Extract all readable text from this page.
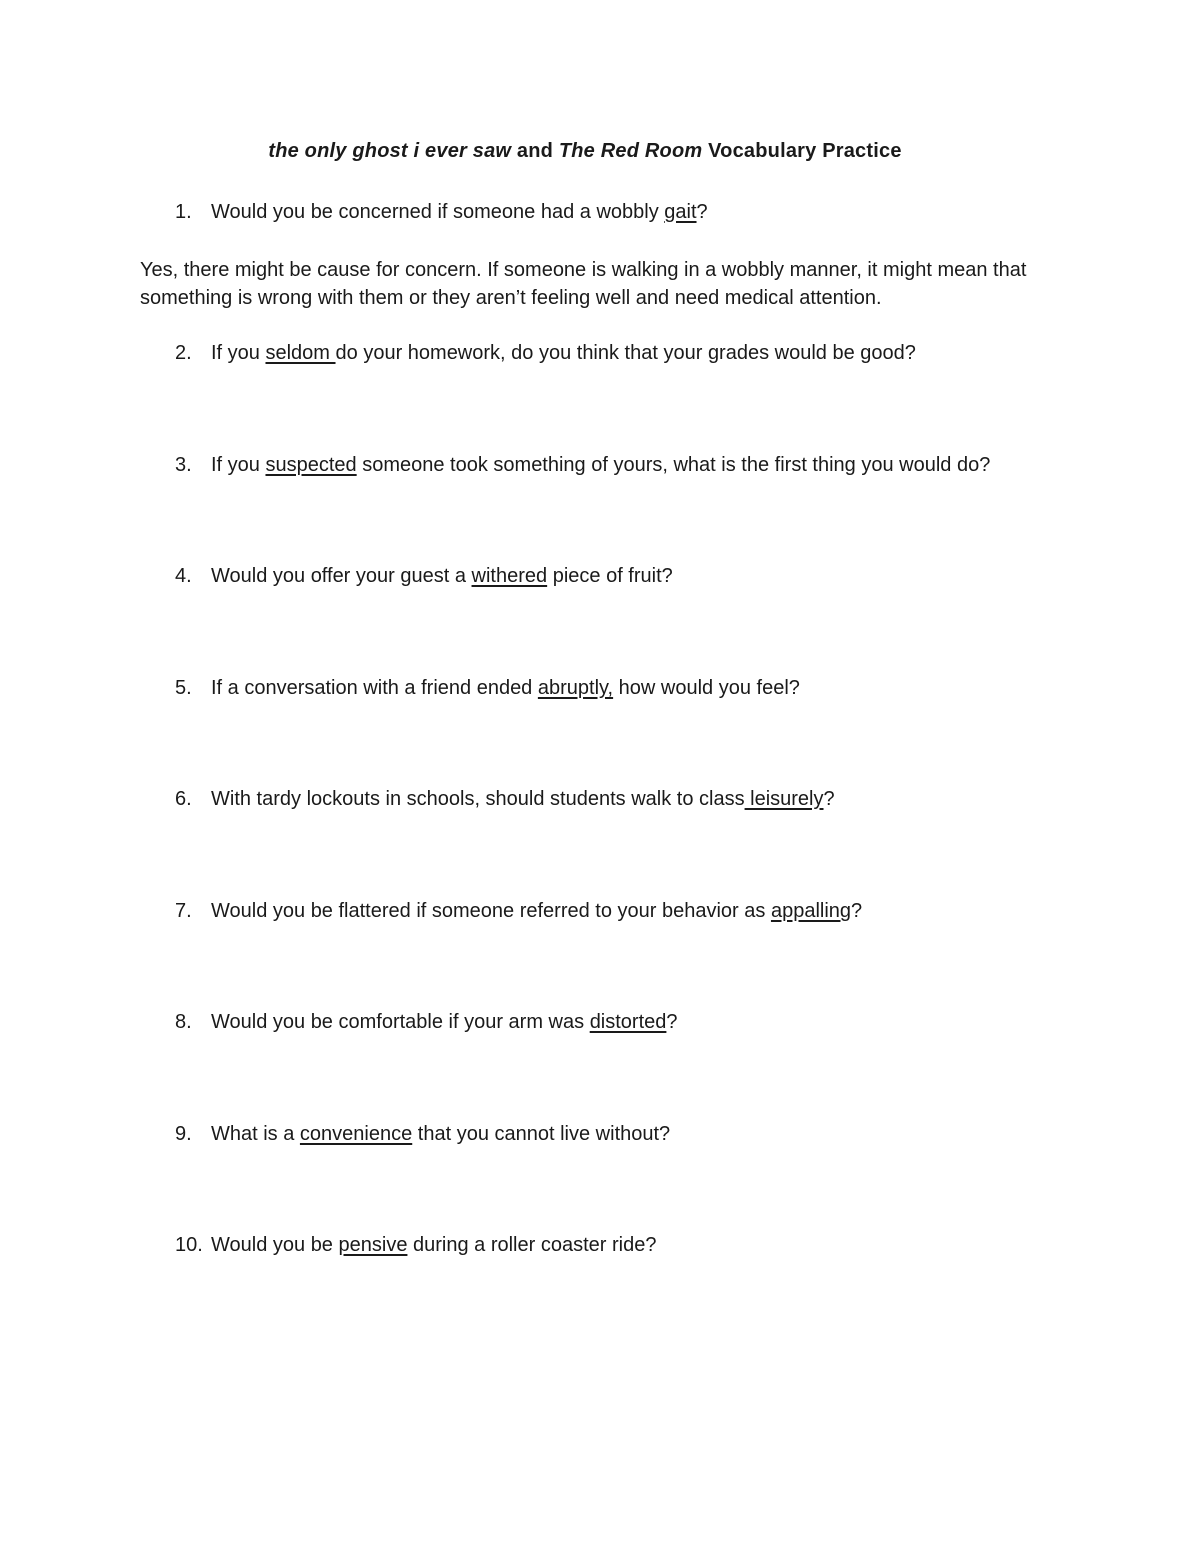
the only ghost i ever saw and The Red Room Vocabulary Practice
1. Would you be concerned if someone had a wobbly gait?

Yes, there might be cause for concern. If someone is walking in a wobbly manner, it might mean that something is wrong with them or they aren’t feeling well and need medical attention.

2. If you seldom do your homework, do you think that your grades would be good?
3. If you suspected someone took something of yours, what is the first thing you would do?
4. Would you offer your guest a withered piece of fruit?
5. If a conversation with a friend ended abruptly, how would you feel?
6. With tardy lockouts in schools, should students walk to class leisurely?
7. Would you be flattered if someone referred to your behavior as appalling?
8. Would you be comfortable if your arm was distorted?
9. What is a convenience that you cannot live without?
10. Would you be pensive during a roller coaster ride?
